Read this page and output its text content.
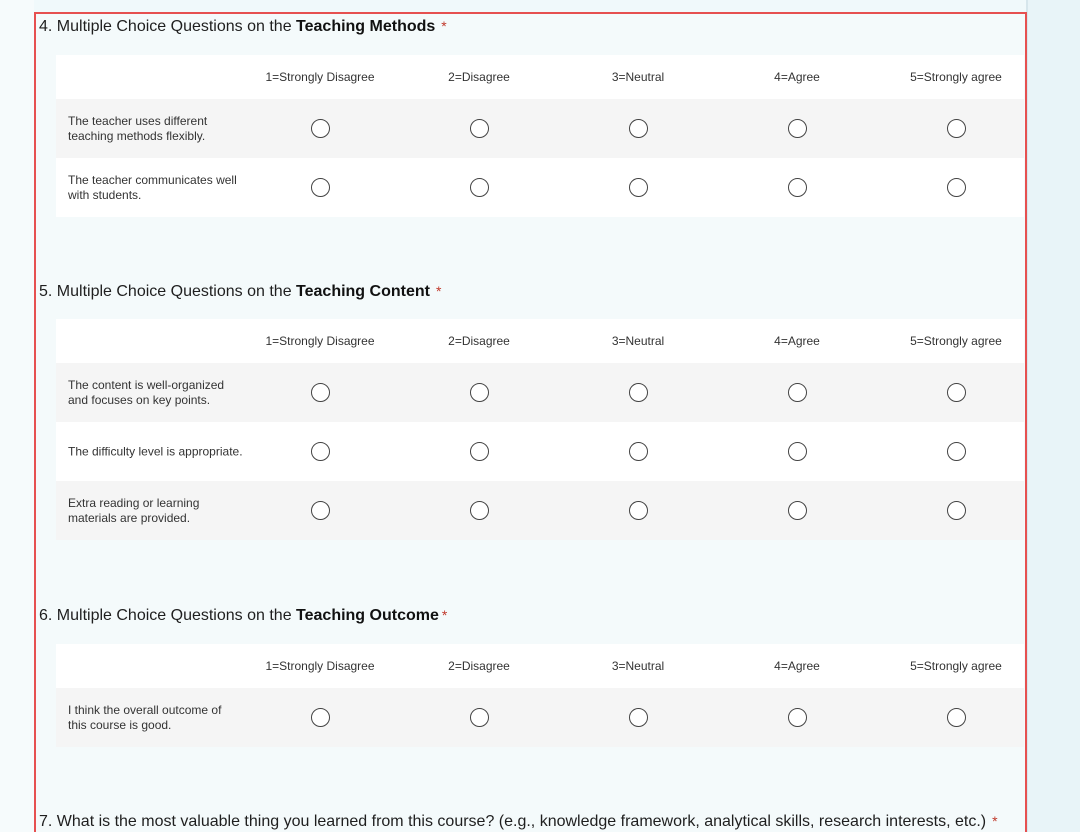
4. Multiple Choice Questions on the Teaching Methods *
1=Strongly Disagree	2=Disagree	3=Neutral	4=Agree	5=Strongly agree
The teacher uses different teaching methods flexibly.
The teacher communicates well with students.
5. Multiple Choice Questions on the Teaching Content *
1=Strongly Disagree	2=Disagree	3=Neutral	4=Agree	5=Strongly agree
The content is well-organized and focuses on key points.
The difficulty level is appropriate.
Extra reading or learning materials are provided.
6. Multiple Choice Questions on the Teaching Outcome *
1=Strongly Disagree	2=Disagree	3=Neutral	4=Agree	5=Strongly agree
I think the overall outcome of this course is good.
7. What is the most valuable thing you learned from this course? (e.g., knowledge framework, analytical skills, research interests, etc.) *
